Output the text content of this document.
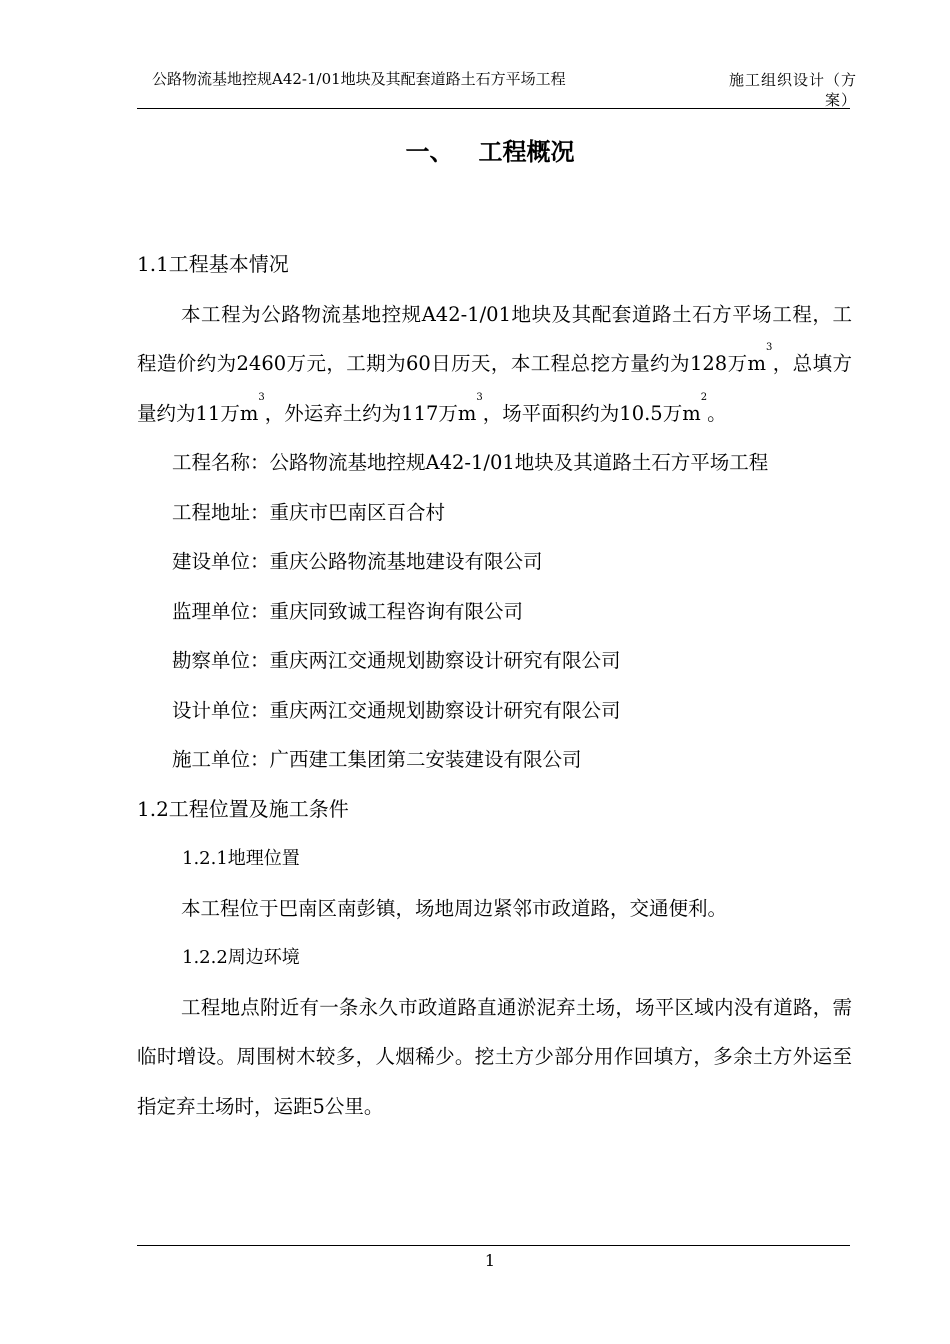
公路物流基地控规A42-1/01地块及其配套道路土石方平场工程	施工组织设计（方案）
一、   工程概况

1.1工程基本情况

本工程为公路物流基地控规A42-1/01地块及其配套道路土石方平场工程，工程造价约为2460万元，工期为60日历天，本工程总挖方量约为128万$m^3$，总填方量约为11万$m^3$，外运弃土约为117万$m^3$，场平面积约为10.5万$m^2$。

工程名称：公路物流基地控规A42-1/01地块及其道路土石方平场工程

工程地址：重庆市巴南区百合村

建设单位：重庆公路物流基地建设有限公司

监理单位：重庆同致诚工程咨询有限公司

勘察单位：重庆两江交通规划勘察设计研究有限公司

设计单位：重庆两江交通规划勘察设计研究有限公司

施工单位：广西建工集团第二安装建设有限公司

1.2工程位置及施工条件

1.2.1地理位置

本工程位于巴南区南彭镇，场地周边紧邻市政道路，交通便利。

1.2.2周边环境

工程地点附近有一条永久市政道路直通淤泥弃土场，场平区域内没有道路，需临时增设。周围树木较多，人烟稀少。挖土方少部分用作回填方，多余土方外运至指定弃土场时，运距5公里。

1
